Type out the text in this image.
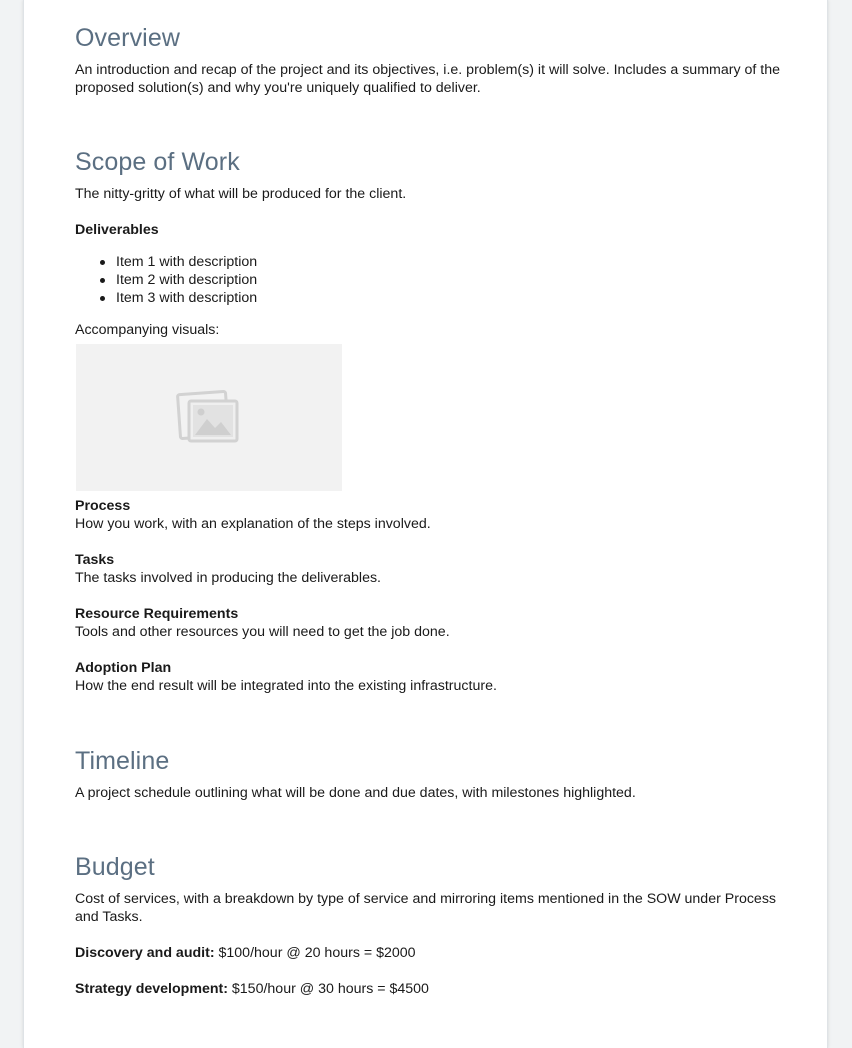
Overview

An introduction and recap of the project and its objectives, i.e. problem(s) it will solve. Includes a summary of the proposed solution(s) and why you're uniquely qualified to deliver.

Scope of Work

The nitty-gritty of what will be produced for the client.

Deliverables

Item 1 with description
Item 2 with description
Item 3 with description

Accompanying visuals:

Process

How you work, with an explanation of the steps involved.

Tasks

The tasks involved in producing the deliverables.

Resource Requirements

Tools and other resources you will need to get the job done.

Adoption Plan

How the end result will be integrated into the existing infrastructure.

Timeline

A project schedule outlining what will be done and due dates, with milestones highlighted.

Budget

Cost of services, with a breakdown by type of service and mirroring items mentioned in the SOW under Process and Tasks.

Discovery and audit: $100/hour @ 20 hours = $2000

Strategy development: $150/hour @ 30 hours = $4500
